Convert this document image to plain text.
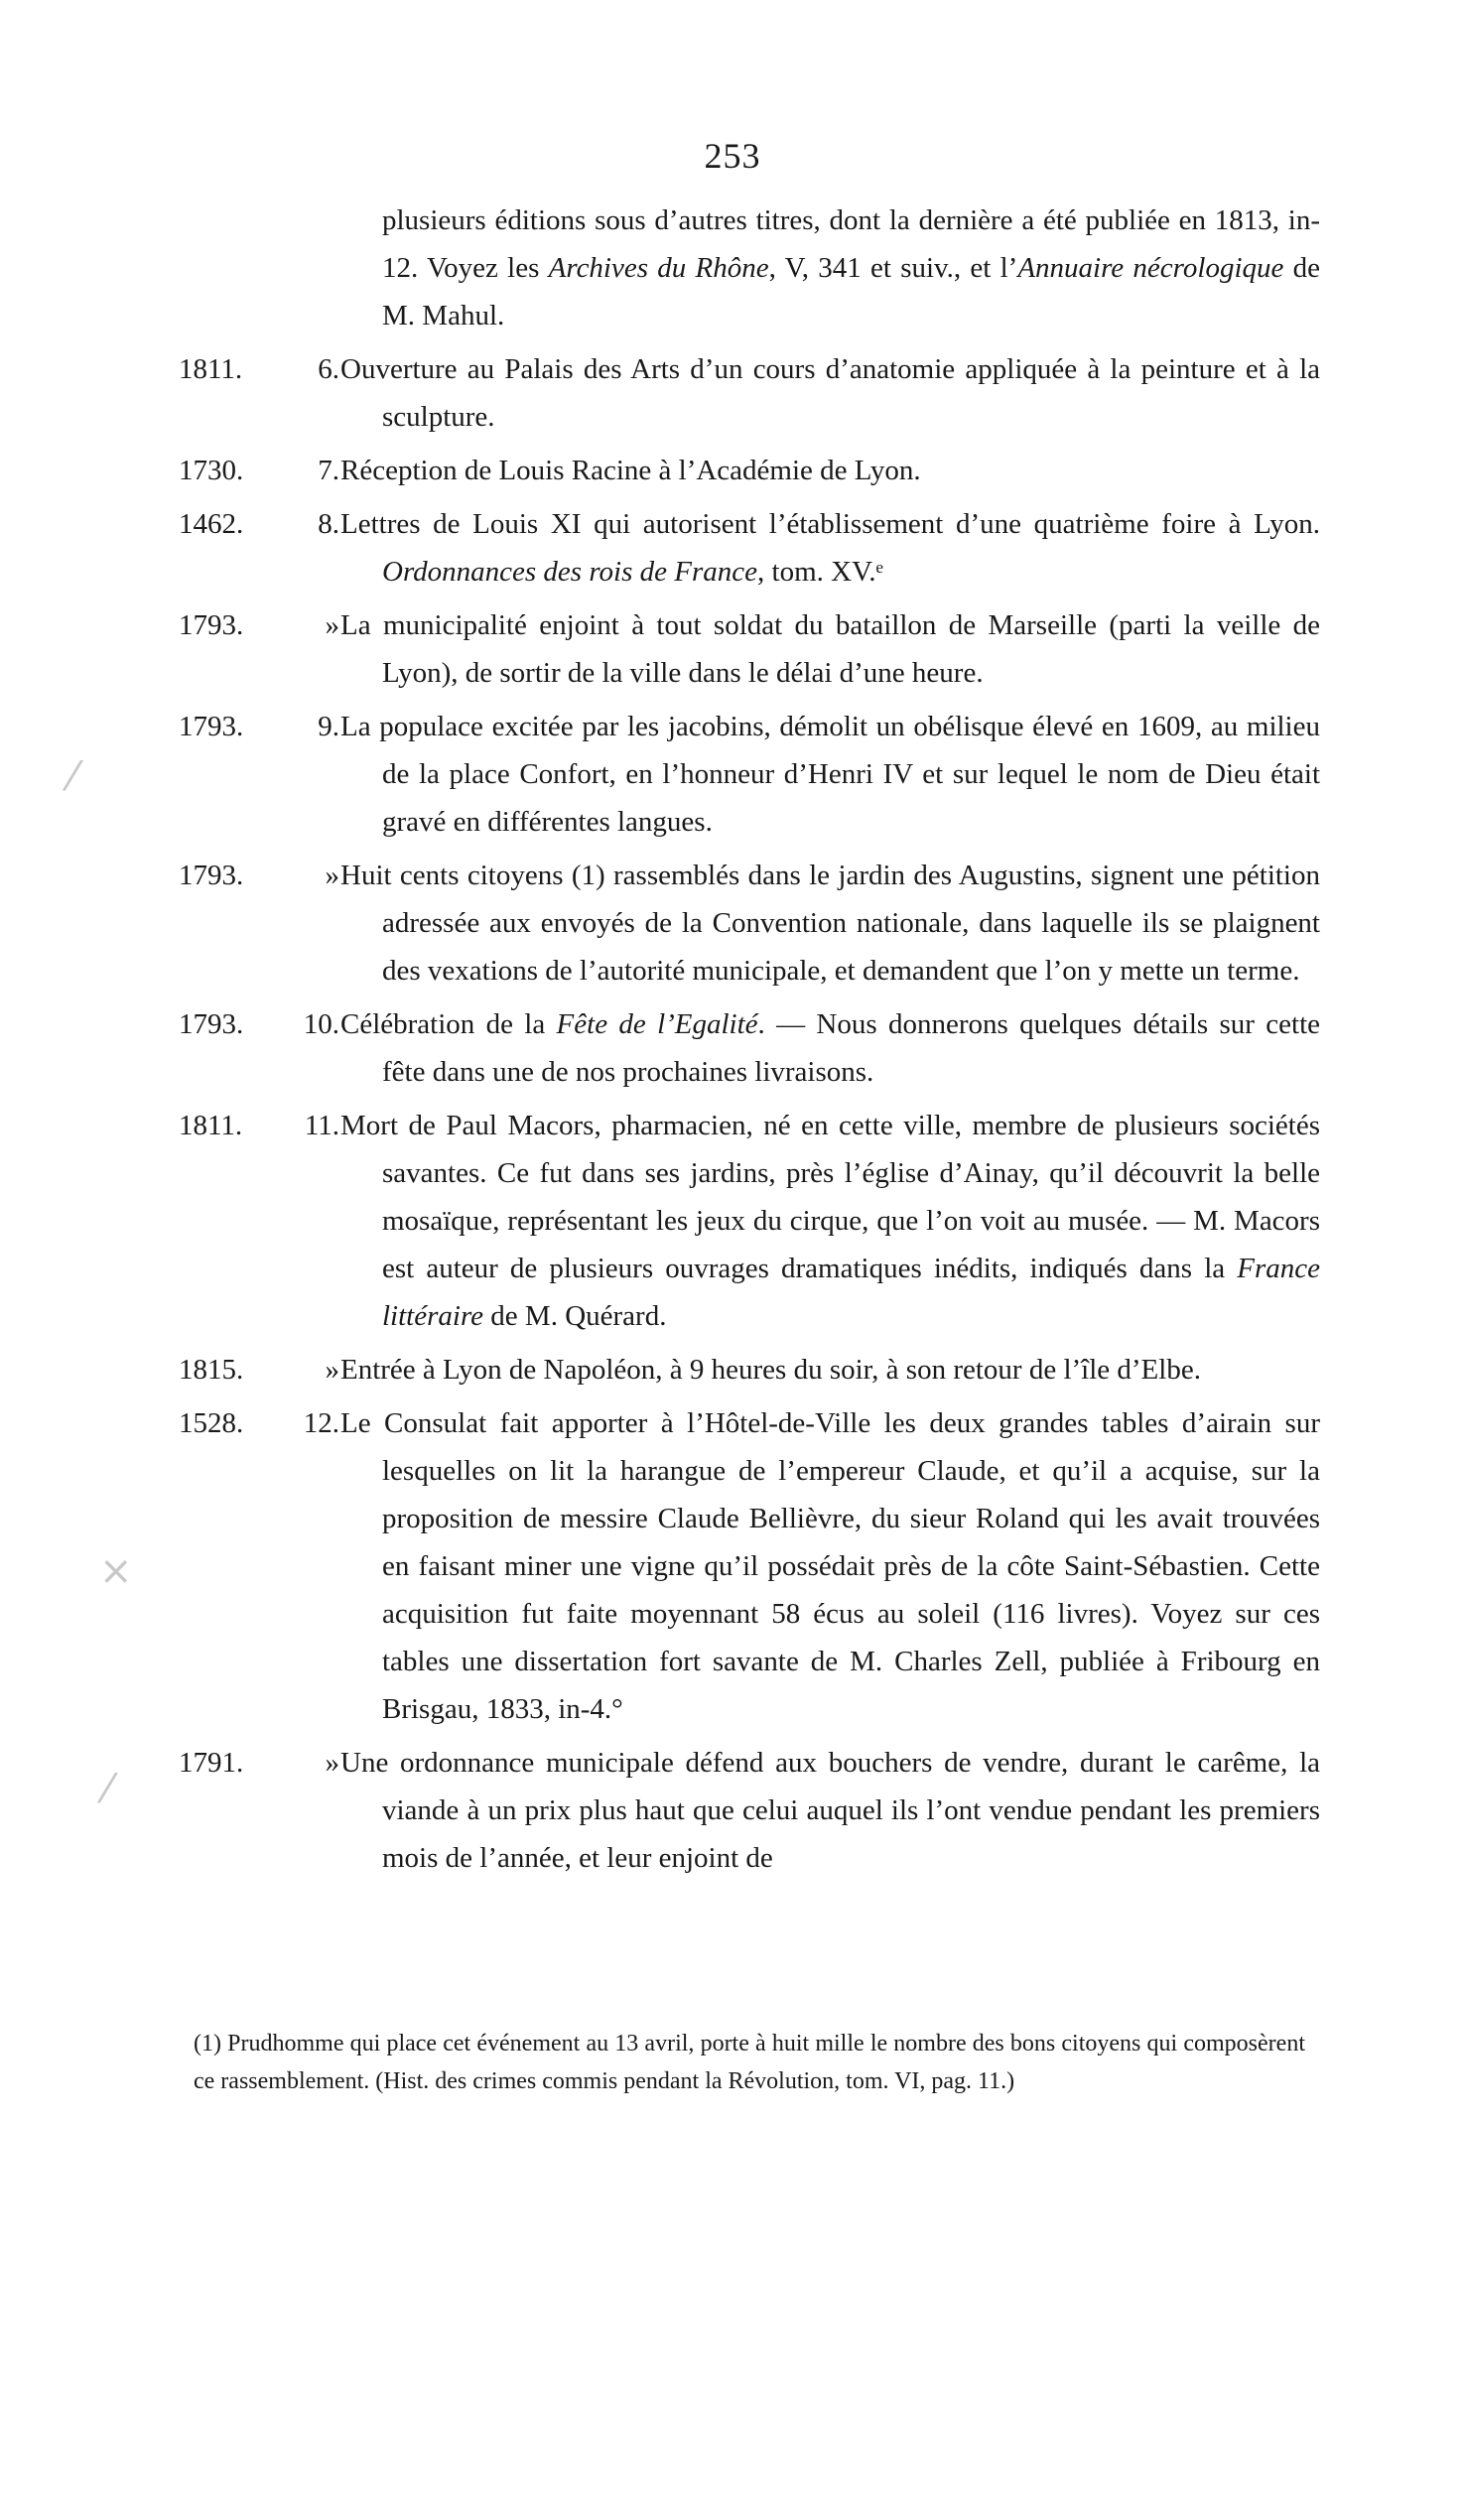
253
plusieurs éditions sous d’autres titres, dont la dernière a été publiée en 1813, in-12. Voyez les Archives du Rhône, V, 341 et suiv., et l’Annuaire nécrologique de M. Mahul.
1811.	6. Ouverture au Palais des Arts d’un cours d’anatomie appliquée à la peinture et à la sculpture.
1730.	7. Réception de Louis Racine à l’Académie de Lyon.
1462.	8. Lettres de Louis XI qui autorisent l’établissement d’une quatrième foire à Lyon. Ordonnances des rois de France, tom. XV.ᵉ
1793.	» La municipalité enjoint à tout soldat du bataillon de Marseille (parti la veille de Lyon), de sortir de la ville dans le délai d’une heure.
1793.	9. La populace excitée par les jacobins, démolit un obélisque élevé en 1609, au milieu de la place Confort, en l’honneur d’Henri IV et sur lequel le nom de Dieu était gravé en différentes langues.
1793.	» Huit cents citoyens (1) rassemblés dans le jardin des Augustins, signent une pétition adressée aux envoyés de la Convention nationale, dans laquelle ils se plaignent des vexations de l’autorité municipale, et demandent que l’on y mette un terme.
1793.	10. Célébration de la Fête de l’Egalité. — Nous donnerons quelques détails sur cette fête dans une de nos prochaines livraisons.
1811.	11. Mort de Paul Macors, pharmacien, né en cette ville, membre de plusieurs sociétés savantes. Ce fut dans ses jardins, près l’église d’Ainay, qu’il découvrit la belle mosaïque, représentant les jeux du cirque, que l’on voit au musée. — M. Macors est auteur de plusieurs ouvrages dramatiques inédits, indiqués dans la France littéraire de M. Quérard.
1815.	» Entrée à Lyon de Napoléon, à 9 heures du soir, à son retour de l’île d’Elbe.
1528.	12. Le Consulat fait apporter à l’Hôtel-de-Ville les deux grandes tables d’airain sur lesquelles on lit la harangue de l’empereur Claude, et qu’il a acquise, sur la proposition de messire Claude Bellièvre, du sieur Roland qui les avait trouvées en faisant miner une vigne qu’il possédait près de la côte Saint-Sébastien. Cette acquisition fut faite moyennant 58 écus au soleil (116 livres). Voyez sur ces tables une dissertation fort savante de M. Charles Zell, publiée à Fribourg en Brisgau, 1833, in-4.°
1791.	» Une ordonnance municipale défend aux bouchers de vendre, durant le carême, la viande à un prix plus haut que celui auquel ils l’ont vendue pendant les premiers mois de l’année, et leur enjoint de
(1) Prudhomme qui place cet événement au 13 avril, porte à huit mille le nombre des bons citoyens qui composèrent ce rassemblement. (Hist. des crimes commis pendant la Révolution, tom. VI, pag. 11.)
⁄
×
⁄
